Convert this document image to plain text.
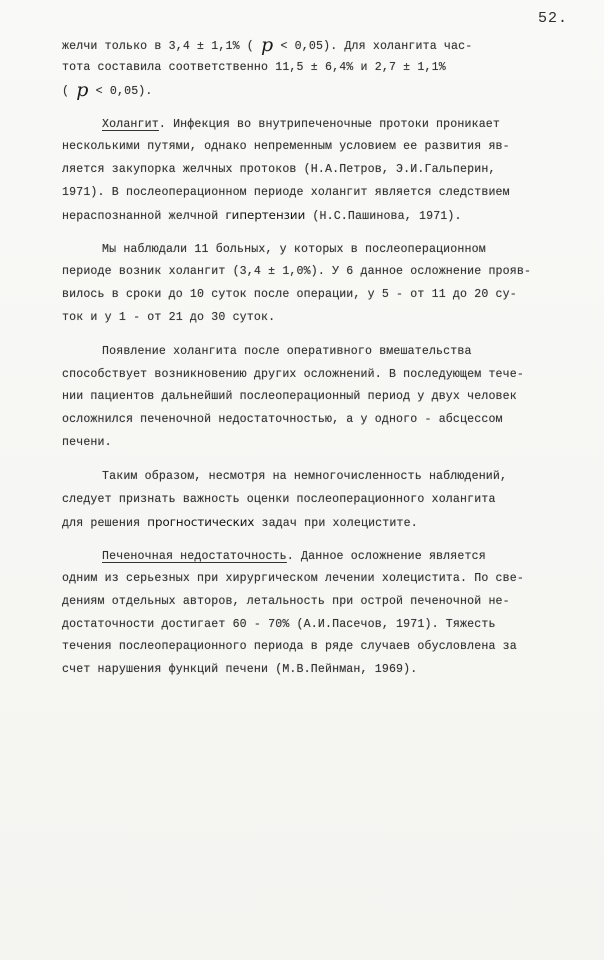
52.
желчи только в 3,4 ± 1,1% ( p < 0,05). Для холангита час-
тота составила соответственно 11,5 ± 6,4% и 2,7 ± 1,1%
( p < 0,05).
Холангит. Инфекция во внутрипеченочные протоки проникает
несколькими путями, однако непременным условием ее развития яв-
ляется закупорка желчных протоков (Н.А.Петров, Э.И.Гальперин,
1971). В послеоперационном периоде холангит является следствием
нераспознанной желчной гипертензии (Н.С.Пашинова, 1971).
Мы наблюдали 11 больных, у которых в послеоперационном
периоде возник холангит (3,4 ± 1,0%). У 6 данное осложнение прояв-
вилось в сроки до 10 суток после операции, у 5 - от 11 до 20 су-
ток и у 1 - от 21 до 30 суток.
Появление холангита после оперативного вмешательства
способствует возникновению других осложнений. В последующем тече-
нии пациентов дальнейший послеоперационный период у двух человек
осложнился печеночной недостаточностью, а у одного - абсцессом
печени.
Таким образом, несмотря на немногочисленность наблюдений,
следует признать важность оценки послеоперационного холангита
для решения прогностических задач при холецистите.
Печеночная недостаточность. Данное осложнение является
одним из серьезных при хирургическом лечении холецистита. По све-
дениям отдельных авторов, летальность при острой печеночной не-
достаточности достигает 60 - 70% (А.И.Пасечов, 1971). Тяжесть
течения послеоперационного периода в ряде случаев обусловлена за
счет нарушения функций печени (М.В.Пейнман, 1969).
